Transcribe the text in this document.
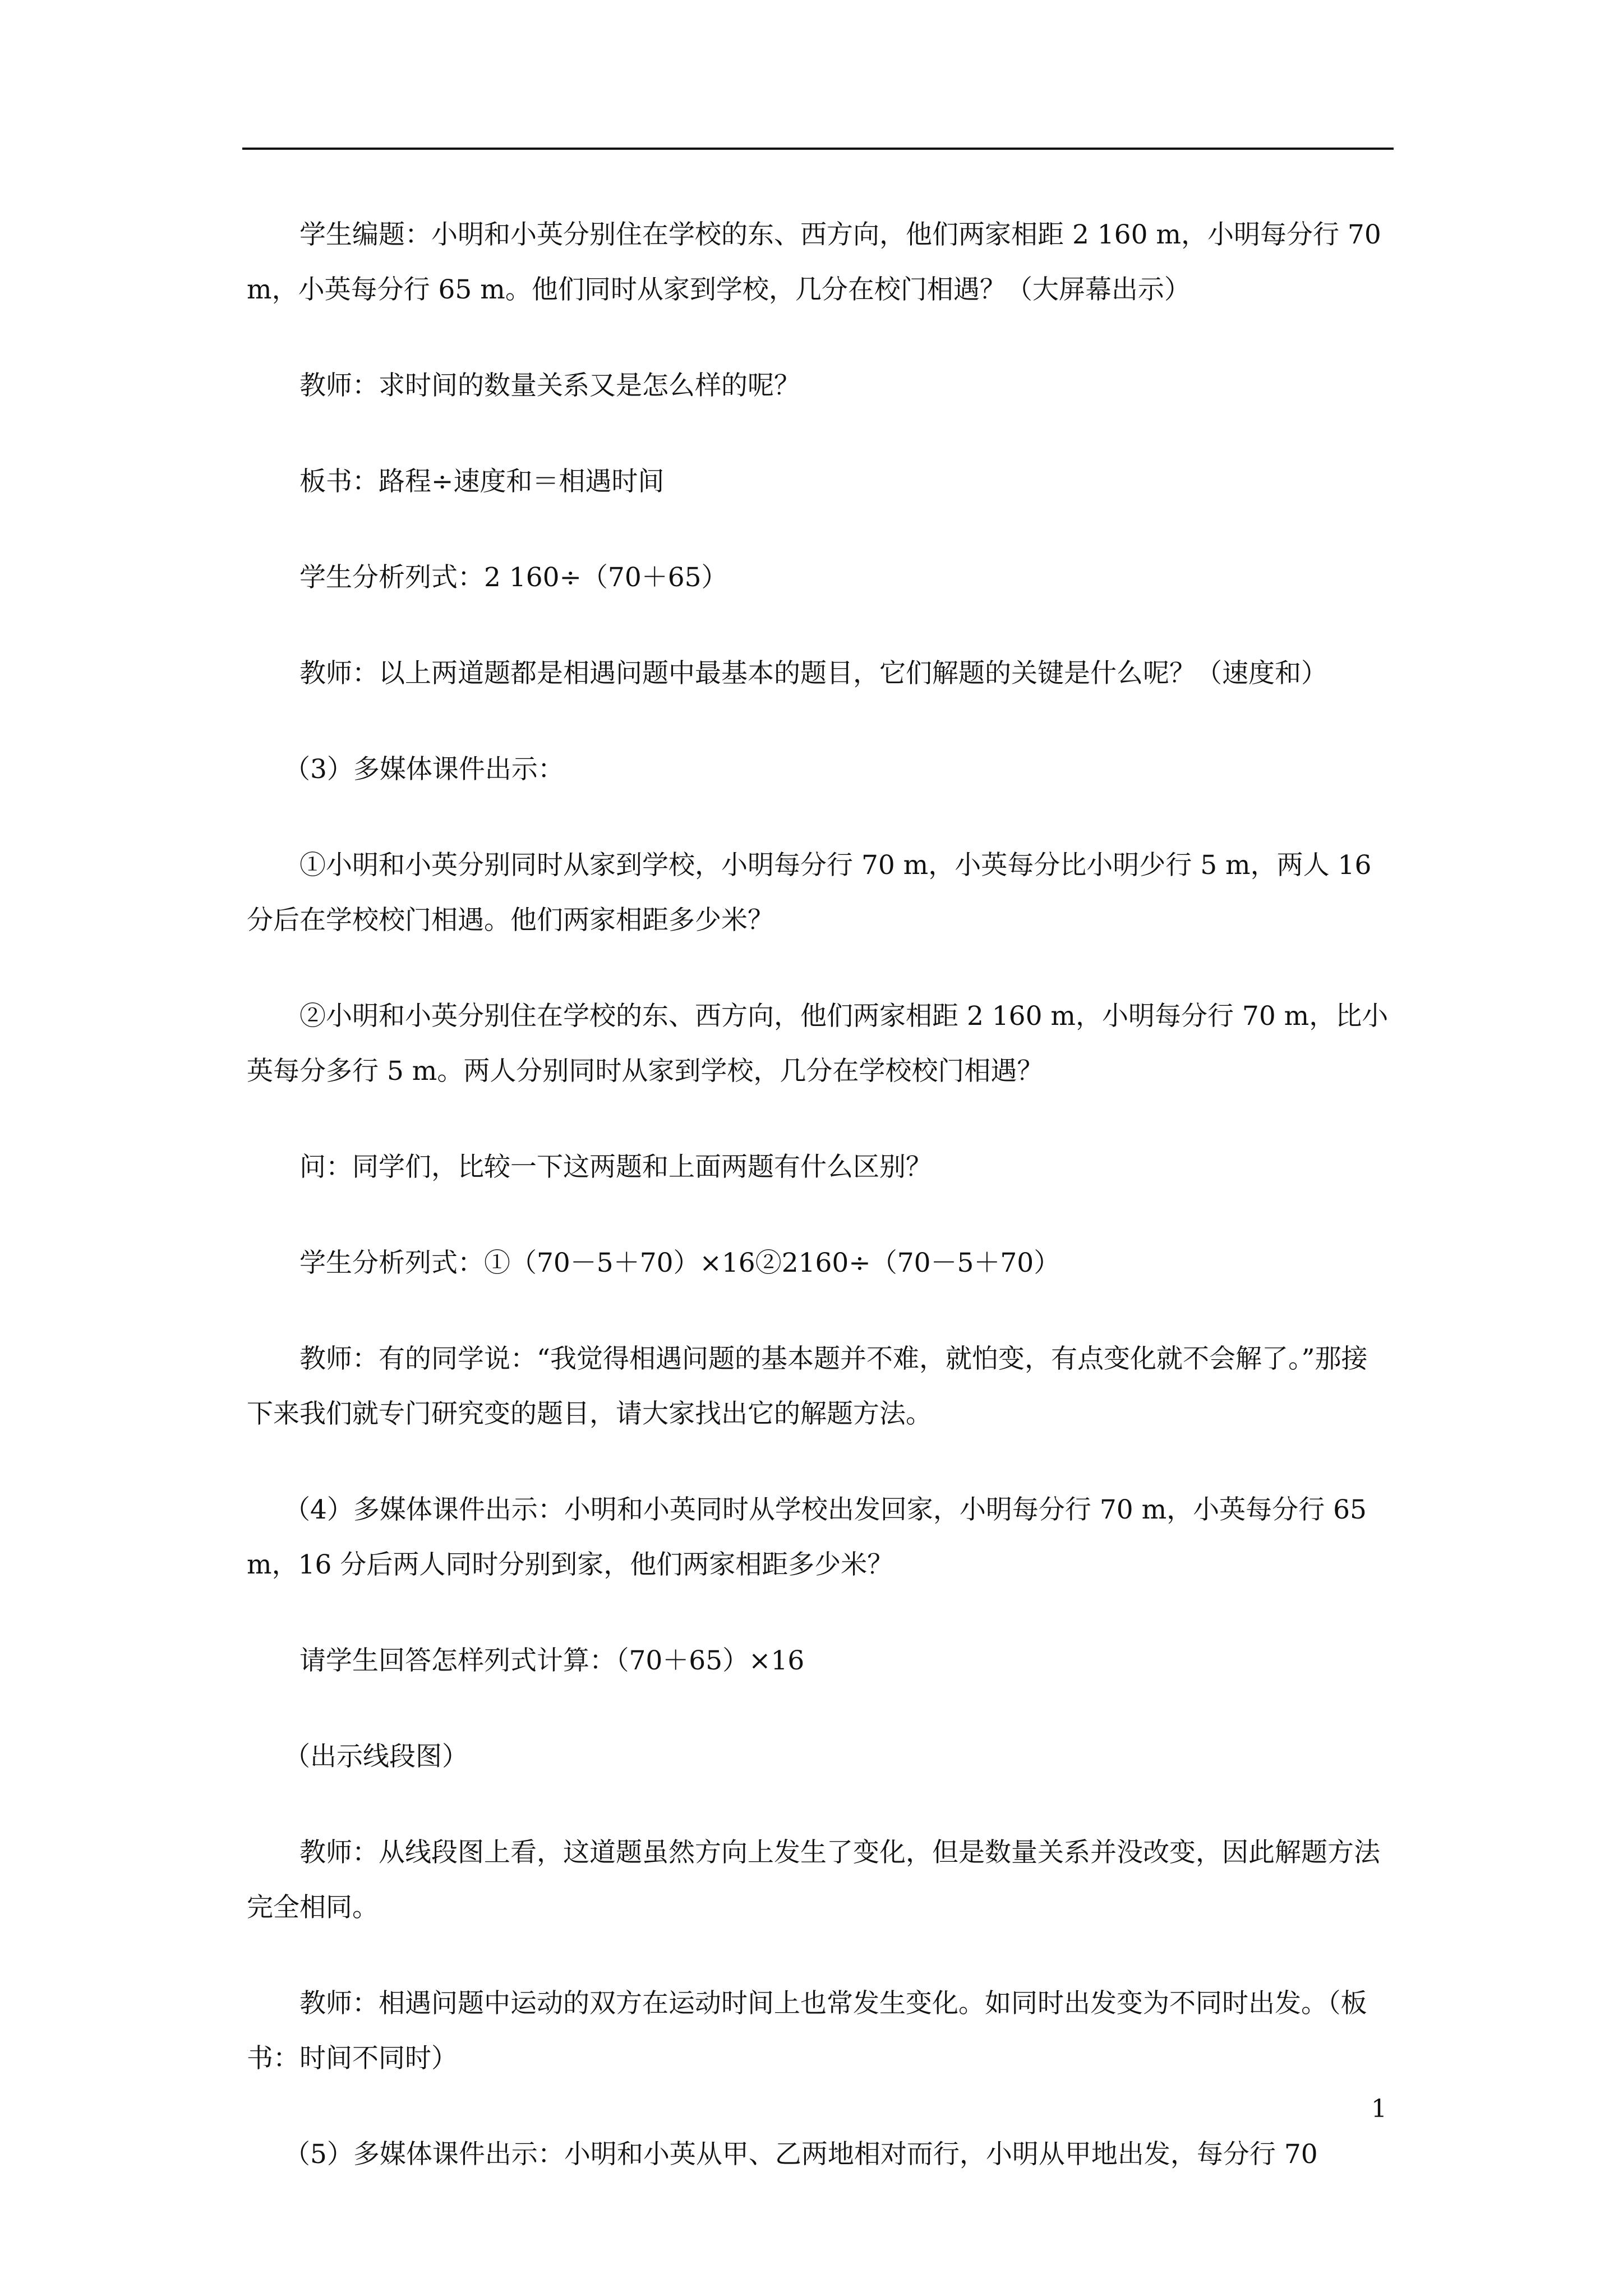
学生编题：小明和小英分别住在学校的东、西方向，他们两家相距 2 160 m，小明每分行 70 m，小英每分行 65 m。他们同时从家到学校，几分在校门相遇？（大屏幕出示）

教师：求时间的数量关系又是怎么样的呢？

板书：路程÷速度和＝相遇时间

学生分析列式：2 160÷（70＋65）

教师：以上两道题都是相遇问题中最基本的题目，它们解题的关键是什么呢？（速度和）

（3）多媒体课件出示：

①小明和小英分别同时从家到学校，小明每分行 70 m，小英每分比小明少行 5 m，两人 16 分后在学校校门相遇。他们两家相距多少米？

②小明和小英分别住在学校的东、西方向，他们两家相距 2 160 m，小明每分行 70 m，比小英每分多行 5 m。两人分别同时从家到学校，几分在学校校门相遇？

问：同学们，比较一下这两题和上面两题有什么区别？

学生分析列式：①（70－5＋70）×16②2160÷（70－5＋70）

教师：有的同学说：“我觉得相遇问题的基本题并不难，就怕变，有点变化就不会解了。”那接下来我们就专门研究变的题目，请大家找出它的解题方法。

（4）多媒体课件出示：小明和小英同时从学校出发回家，小明每分行 70 m，小英每分行 65 m，16 分后两人同时分别到家，他们两家相距多少米？

请学生回答怎样列式计算：（70＋65）×16

（出示线段图）

教师：从线段图上看，这道题虽然方向上发生了变化，但是数量关系并没改变，因此解题方法完全相同。

教师：相遇问题中运动的双方在运动时间上也常发生变化。如同时出发变为不同时出发。（板书：时间不同时）

（5）多媒体课件出示：小明和小英从甲、乙两地相对而行，小明从甲地出发，每分行 70

1
